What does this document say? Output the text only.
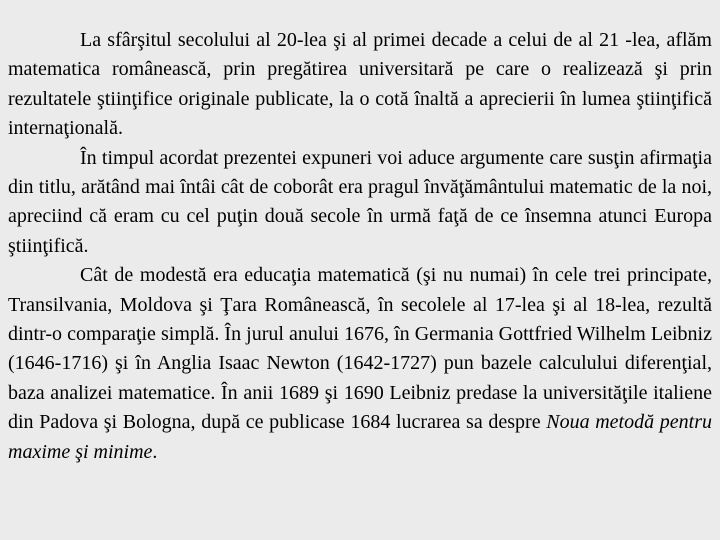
La sfârşitul secolului al 20-lea şi al primei decade a celui de al 21 -lea, aflăm matematica românească, prin pregătirea universitară pe care o realizează şi prin rezultatele ştiinţifice originale publicate, la o cotă înaltă a aprecierii în lumea ştiinţifică internaţională.

În timpul acordat prezentei expuneri voi aduce argumente care susţin afirmaţia din titlu, arătând mai întâi cât de coborât era pragul învăţământului matematic de la noi, apreciind că eram cu cel puţin două secole în urmă faţă de ce însemna atunci Europa ştiinţifică.

Cât de modestă era educaţia matematică (şi nu numai) în cele trei principate, Transilvania, Moldova şi Ţara Românească, în secolele al 17-lea şi al 18-lea, rezultă dintr-o comparaţie simplă. În jurul anului 1676, în Germania Gottfried Wilhelm Leibniz (1646-1716) şi în Anglia Isaac Newton (1642-1727) pun bazele calculului diferenţial, baza analizei matematice. În anii 1689 şi 1690 Leibniz predase la universităţile italiene din Padova şi Bologna, după ce publicase 1684 lucrarea sa despre Noua metodă pentru maxime şi minime.
